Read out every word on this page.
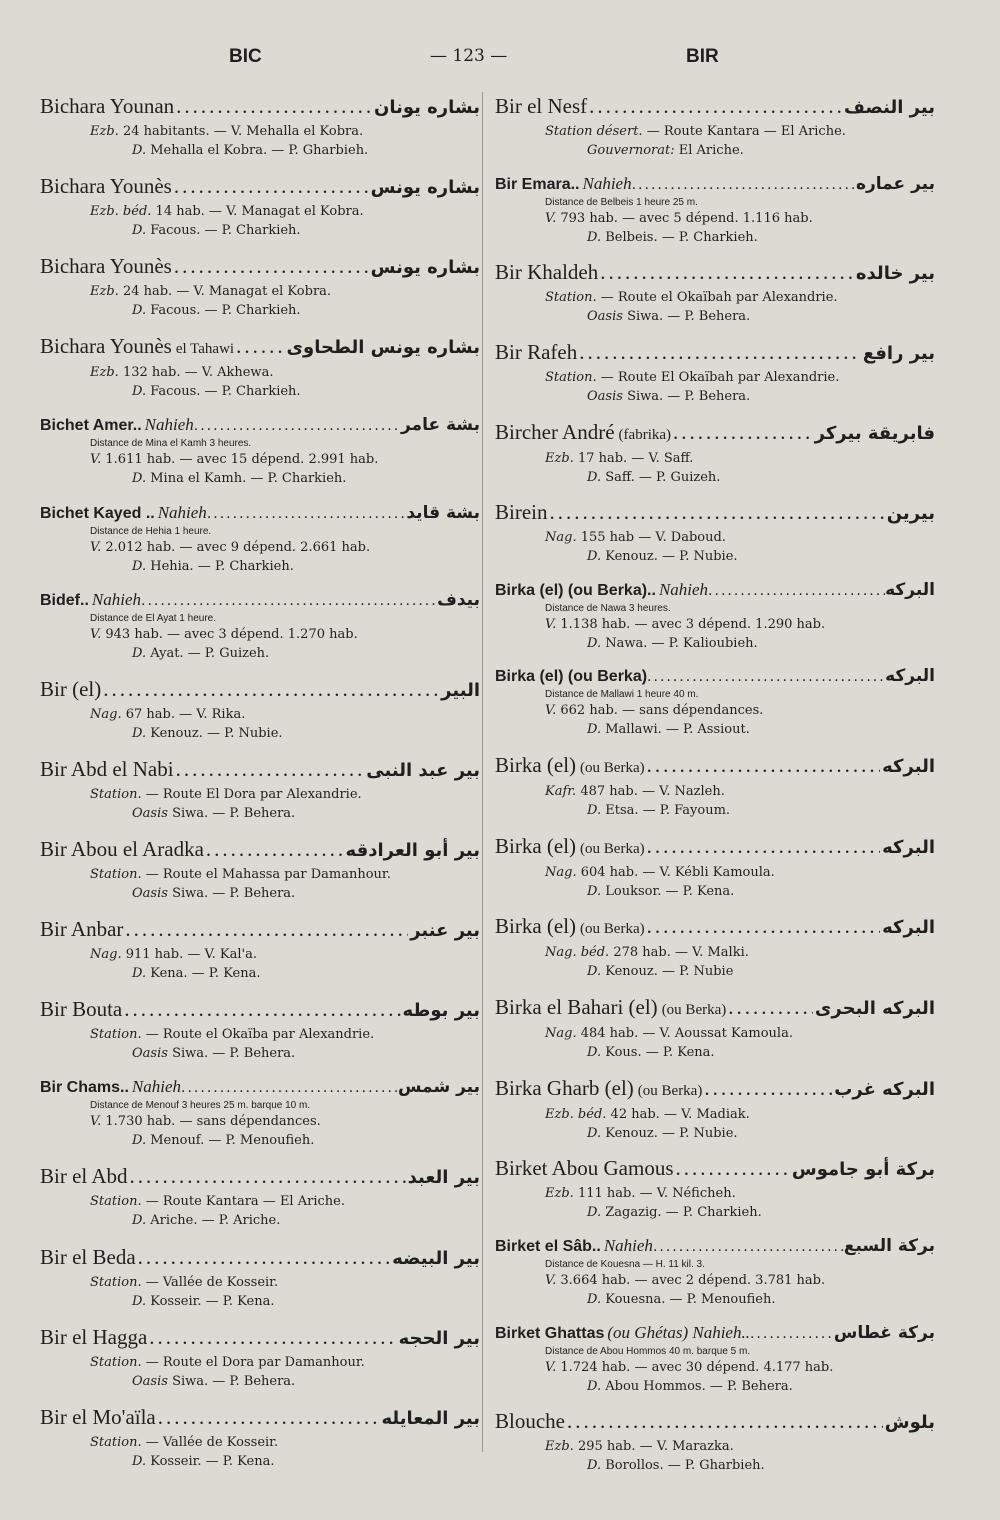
BIC	— 123 —	BIR
Bichara Younan .....	بشاره يونان
Ezb. 24 habitants. — V. Mehalla el Kobra.
D. Mehalla el Kobra. — P. Gharbieh.
Bichara Younès .....	بشاره يونس
Ezb. béd. 14 hab. — V. Managat el Kobra.
D. Facous. — P. Charkieh.
Bichara Younès .....	بشاره يونس
Ezb. 24 hab. — V. Managat el Kobra.
D. Facous. — P. Charkieh.
Bichara Younès el Tahawi .....	بشاره يونس الطحاوى
Ezb. 132 hab. — V. Akhewa.
D. Facous. — P. Charkieh.
Bichet Amer.. Nahieh .....	بشة عامر
Distance de Mina el Kamh 3 heures.
V. 1.611 hab. — avec 15 dépend. 2.991 hab.
D. Mina el Kamh. — P. Charkieh.
Bichet Kayed .. Nahieh .....	بشة قايد
Distance de Hehia 1 heure.
V. 2.012 hab. — avec 9 dépend. 2.661 hab.
D. Hehia. — P. Charkieh.
Bidef.. Nahieh .....	بيدف
Distance de El Ayat 1 heure.
V. 943 hab. — avec 3 dépend. 1.270 hab.
D. Ayat. — P. Guizeh.
Bir (el) .....	البير
Nag. 67 hab. — V. Rika.
D. Kenouz. — P. Nubie.
Bir Abd el Nabi .....	بير عبد النبى
Station. — Route El Dora par Alexandrie.
Oasis Siwa. — P. Behera.
Bir Abou el Aradka .....	بير أبو العرادقه
Station. — Route el Mahassa par Damanhour.
Oasis Siwa. — P. Behera.
Bir Anbar .....	بير عنبر
Nag. 911 hab. — V. Kal'a.
D. Kena. — P. Kena.
Bir Bouta .....	بير بوطه
Station. — Route el Okaïba par Alexandrie.
Oasis Siwa. — P. Behera.
Bir Chams.. Nahieh .....	بير شمس
Distance de Menouf 3 heures 25 m. barque 10 m.
V. 1.730 hab. — sans dépendances.
D. Menouf. — P. Menoufieh.
Bir el Abd .....	بير العبد
Station. — Route Kantara — El Ariche.
D. Ariche. — P. Ariche.
Bir el Beda .....	بير البيضه
Station. — Vallée de Kosseir.
D. Kosseir. — P. Kena.
Bir el Hagga .....	بير الحجه
Station. — Route el Dora par Damanhour.
Oasis Siwa. — P. Behera.
Bir el Mo'aïla .....	بير المعايله
Station. — Vallée de Kosseir.
D. Kosseir. — P. Kena.
Bir el Nesf .....	بير النصف
Station désert. — Route Kantara — El Ariche.
Gouvernorat: El Ariche.
Bir Emara.. Nahieh .....	بير عماره
Distance de Belbeis 1 heure 25 m.
V. 793 hab. — avec 5 dépend. 1.116 hab.
D. Belbeis. — P. Charkieh.
Bir Khaldeh .....	بير خالده
Station. — Route el Okaïbah par Alexandrie.
Oasis Siwa. — P. Behera.
Bir Rafeh .....	بير رافع
Station. — Route El Okaïbah par Alexandrie.
Oasis Siwa. — P. Behera.
Bircher André (fabrika) .....	فابريقة بيركر
Ezb. 17 hab. — V. Saff.
D. Saff. — P. Guizeh.
Birein .....	بيرين
Nag. 155 hab — V. Daboud.
D. Kenouz. — P. Nubie.
Birka (el) (ou Berka).. Nahieh .....	البركه
Distance de Nawa 3 heures.
V. 1.138 hab. — avec 3 dépend. 1.290 hab.
D. Nawa. — P. Kalioubieh.
Birka (el) (ou Berka) .....	البركه
Distance de Mallawi 1 heure 40 m.
V. 662 hab. — sans dépendances.
D. Mallawi. — P. Assiout.
Birka (el) (ou Berka) .....	البركه
Kafr. 487 hab. — V. Nazleh.
D. Etsa. — P. Fayoum.
Birka (el) (ou Berka) .....	البركه
Nag. 604 hab. — V. Kébli Kamoula.
D. Louksor. — P. Kena.
Birka (el) (ou Berka) .....	البركه
Nag. béd. 278 hab. — V. Malki.
D. Kenouz. — P. Nubie
Birka el Bahari (el) (ou Berka) .....	البركه البحرى
Nag. 484 hab. — V. Aoussat Kamoula.
D. Kous. — P. Kena.
Birka Gharb (el) (ou Berka) .....	البركه غرب
Ezb. béd. 42 hab. — V. Madiak.
D. Kenouz. — P. Nubie.
Birket Abou Gamous .....	بركة أبو جاموس
Ezb. 111 hab. — V. Néficheh.
D. Zagazig. — P. Charkieh.
Birket el Sâb.. Nahieh .....	بركة السبع
Distance de Kouesna — H. 11 kil. 3.
V. 3.664 hab. — avec 2 dépend. 3.781 hab.
D. Kouesna. — P. Menoufieh.
Birket Ghattas (ou Ghétas) Nahieh.. .....	بركة غطاس
Distance de Abou Hommos 40 m. barque 5 m.
V. 1.724 hab. — avec 30 dépend. 4.177 hab.
D. Abou Hommos. — P. Behera.
Blouche .....	بلوش
Ezb. 295 hab. — V. Marazka.
D. Borollos. — P. Gharbieh.
